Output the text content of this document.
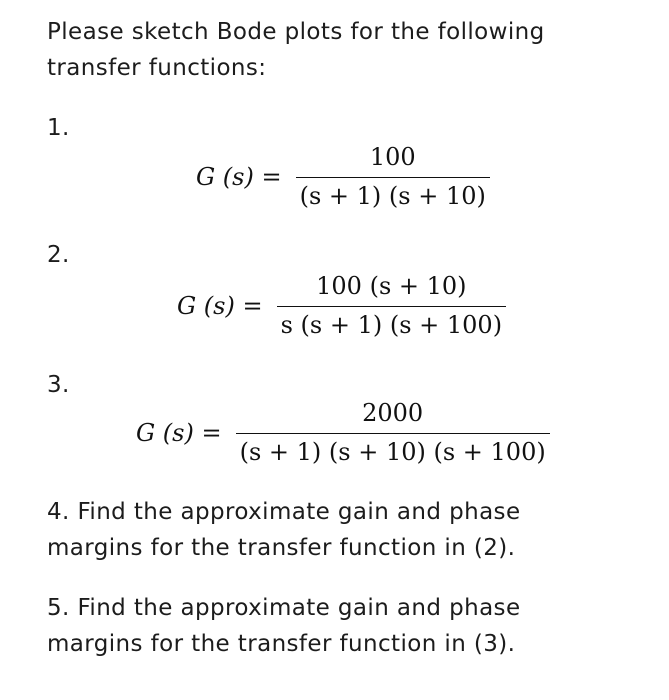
Please sketch Bode plots for the following
transfer functions:

1.
G $(s) = \frac{100}{(s + 1) (s + 10)}$
2.
G $(s) = \frac{100 (s + 10)}{s (s + 1) (s + 100)}$
3.
G $(s) = \frac{2000}{(s + 1) (s + 10) (s + 100)}$

4. Find the approximate gain and phase
margins for the transfer function in (2).

5. Find the approximate gain and phase
margins for the transfer function in (3).
